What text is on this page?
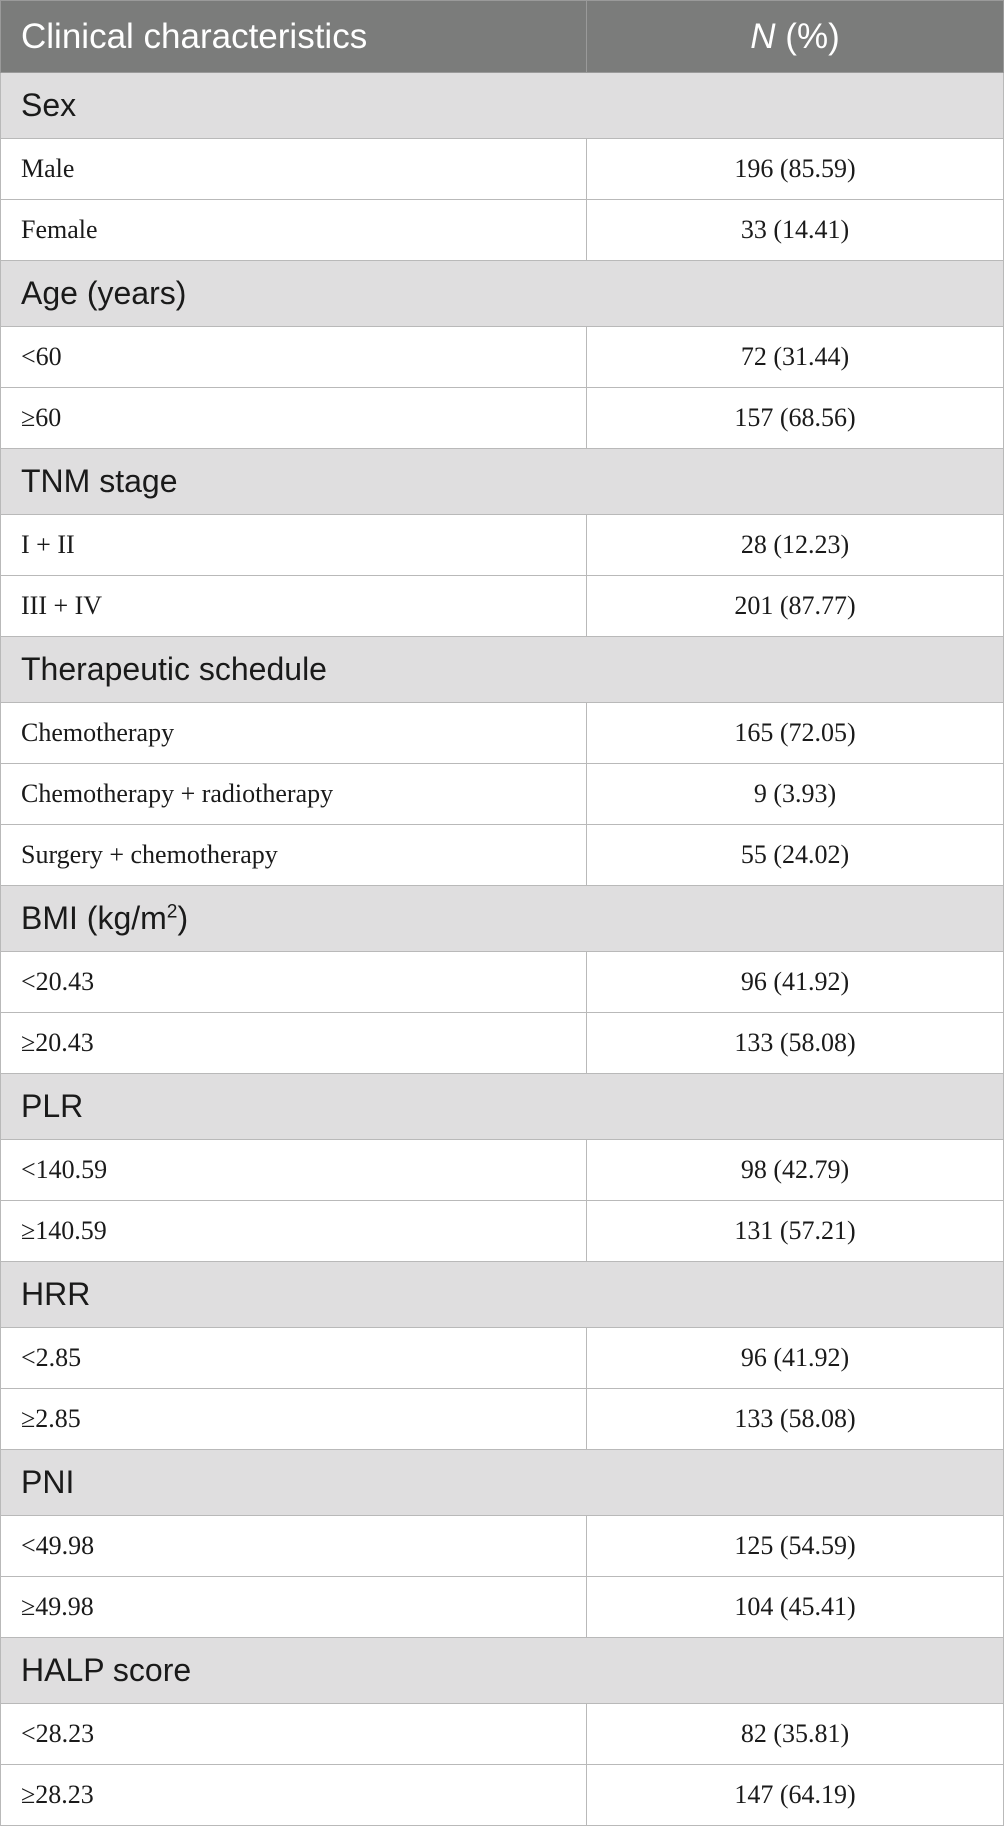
Clinical characteristics	N (%)
Sex	
Male	196 (85.59)
Female	33 (14.41)
Age (years)	
<60	72 (31.44)
≥60	157 (68.56)
TNM stage	
I + II	28 (12.23)
III + IV	201 (87.77)
Therapeutic schedule	
Chemotherapy	165 (72.05)
Chemotherapy + radiotherapy	9 (3.93)
Surgery + chemotherapy	55 (24.02)
BMI $(kg/m^2)$	
<20.43	96 (41.92)
≥20.43	133 (58.08)
PLR	
<140.59	98 (42.79)
≥140.59	131 (57.21)
HRR	
<2.85	96 (41.92)
≥2.85	133 (58.08)
PNI	
<49.98	125 (54.59)
≥49.98	104 (45.41)
HALP score	
<28.23	82 (35.81)
≥28.23	147 (64.19)
